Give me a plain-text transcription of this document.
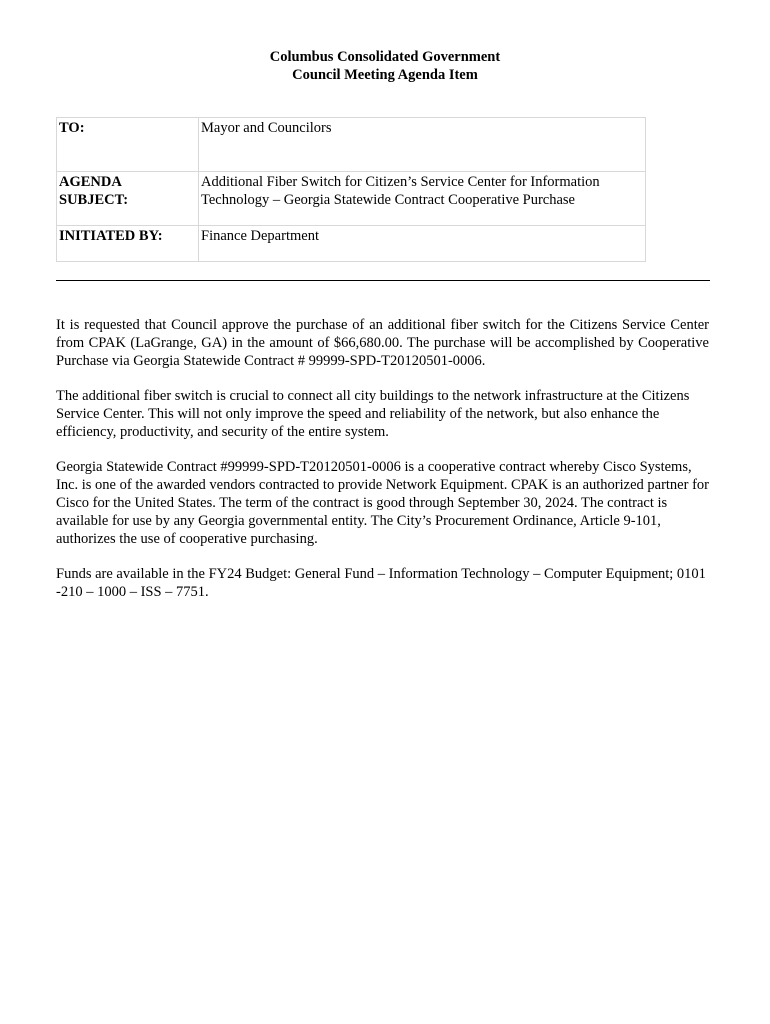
Columbus Consolidated Government
Council Meeting Agenda Item
TO:	Mayor and Councilors
AGENDA
SUBJECT:	Additional Fiber Switch for Citizen’s Service Center for Information
Technology – Georgia Statewide Contract Cooperative Purchase
INITIATED BY:	Finance Department

It is requested that Council approve the purchase of an additional fiber switch for the Citizens Service Center from CPAK (LaGrange, GA) in the amount of $66,680.00. The purchase will be accomplished by Cooperative Purchase via Georgia Statewide Contract # 99999-SPD-T20120501-0006.

The additional fiber switch is crucial to connect all city buildings to the network infrastructure at the Citizens Service Center. This will not only improve the speed and reliability of the network, but also enhance the efficiency, productivity, and security of the entire system.

Georgia Statewide Contract #99999-SPD-T20120501-0006 is a cooperative contract whereby Cisco Systems, Inc. is one of the awarded vendors contracted to provide Network Equipment. CPAK is an authorized partner for Cisco for the United States. The term of the contract is good through September 30, 2024. The contract is available for use by any Georgia governmental entity. The City’s Procurement Ordinance, Article 9-101, authorizes the use of cooperative purchasing.

Funds are available in the FY24 Budget: General Fund – Information Technology – Computer Equipment; 0101 -210 – 1000 – ISS – 7751.
